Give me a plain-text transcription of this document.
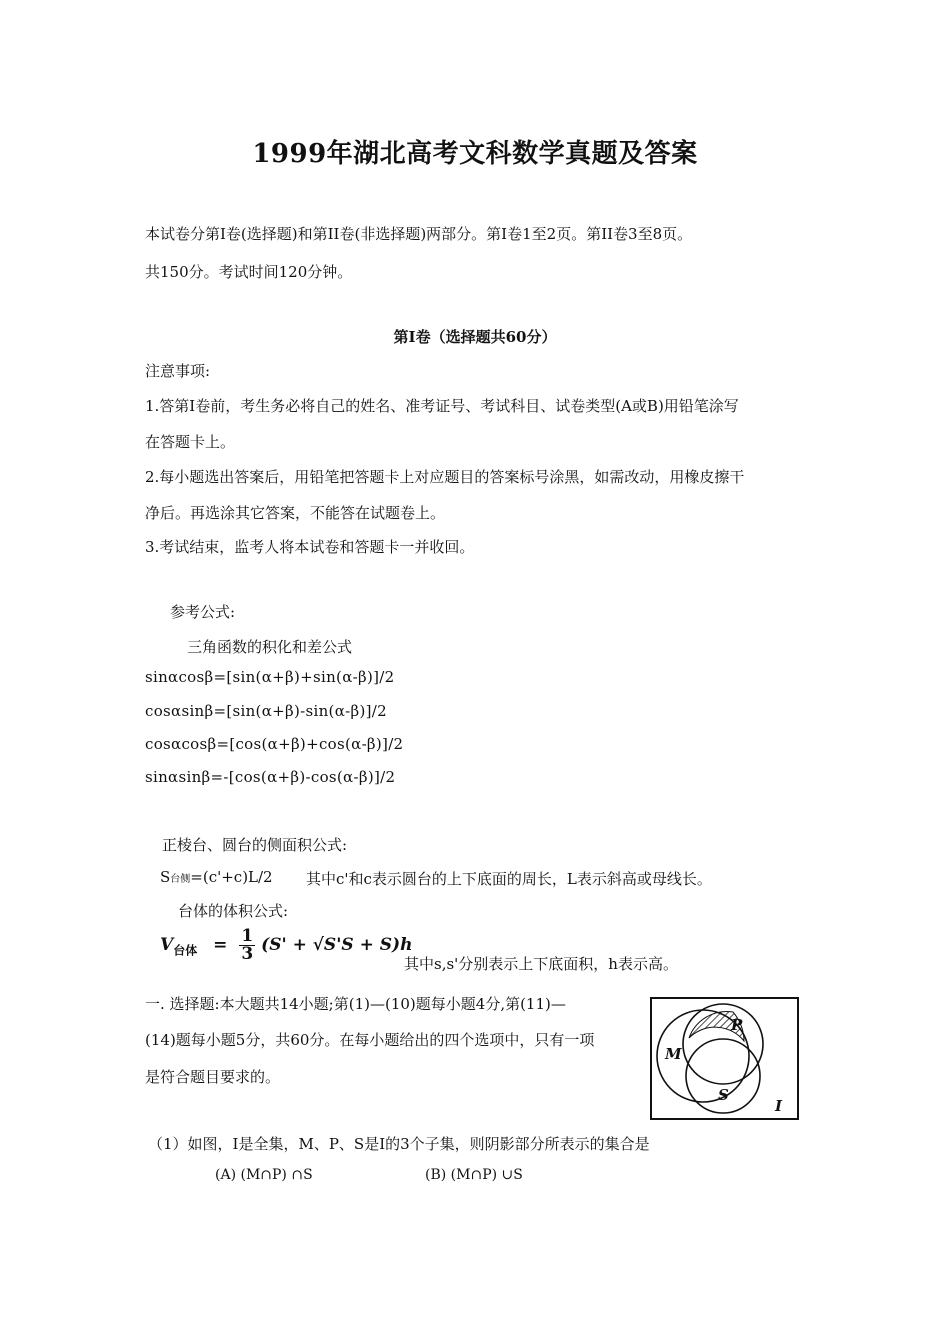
1999年湖北高考文科数学真题及答案
本试卷分第Ⅰ卷(选择题)和第II卷(非选择题)两部分。第Ⅰ卷1至2页。第II卷3至8页。
共150分。考试时间120分钟。
第Ⅰ卷（选择题共60分）
注意事项:
1.答第Ⅰ卷前，考生务必将自己的姓名、准考证号、考试科目、试卷类型(A或B)用铅笔涂写
在答题卡上。
2.每小题选出答案后，用铅笔把答题卡上对应题目的答案标号涂黑，如需改动，用橡皮擦干
净后。再选涂其它答案，不能答在试题卷上。
3.考试结束，监考人将本试卷和答题卡一并收回。
参考公式:
三角函数的积化和差公式
sinαcosβ=[sin(α+β)+sin(α-β)]/2
cosαsinβ=[sin(α+β)-sin(α-β)]/2
cosαcosβ=[cos(α+β)+cos(α-β)]/2
sinαsinβ=-[cos(α+β)-cos(α-β)]/2
正棱台、圆台的侧面积公式:
S台侧=(c'+c)L/2 其中c'和c表示圆台的上下底面的周长，L表示斜高或母线长。
台体的体积公式:
$V_{台体} = \frac{1}{3} (S' + √S'S + S)h$
其中s,s'分别表示上下底面积，h表示高。
一. 选择题:本大题共14小题;第(1)—(10)题每小题4分,第(11)—
(14)题每小题5分，共60分。在每小题给出的四个选项中，只有一项
是符合题目要求的。
P
M
S
I
（1）如图，I是全集，M、P、S是I的3个子集，则阴影部分所表示的集合是
(A) (M∩P) ∩S	(B) (M∩P) ∪S
